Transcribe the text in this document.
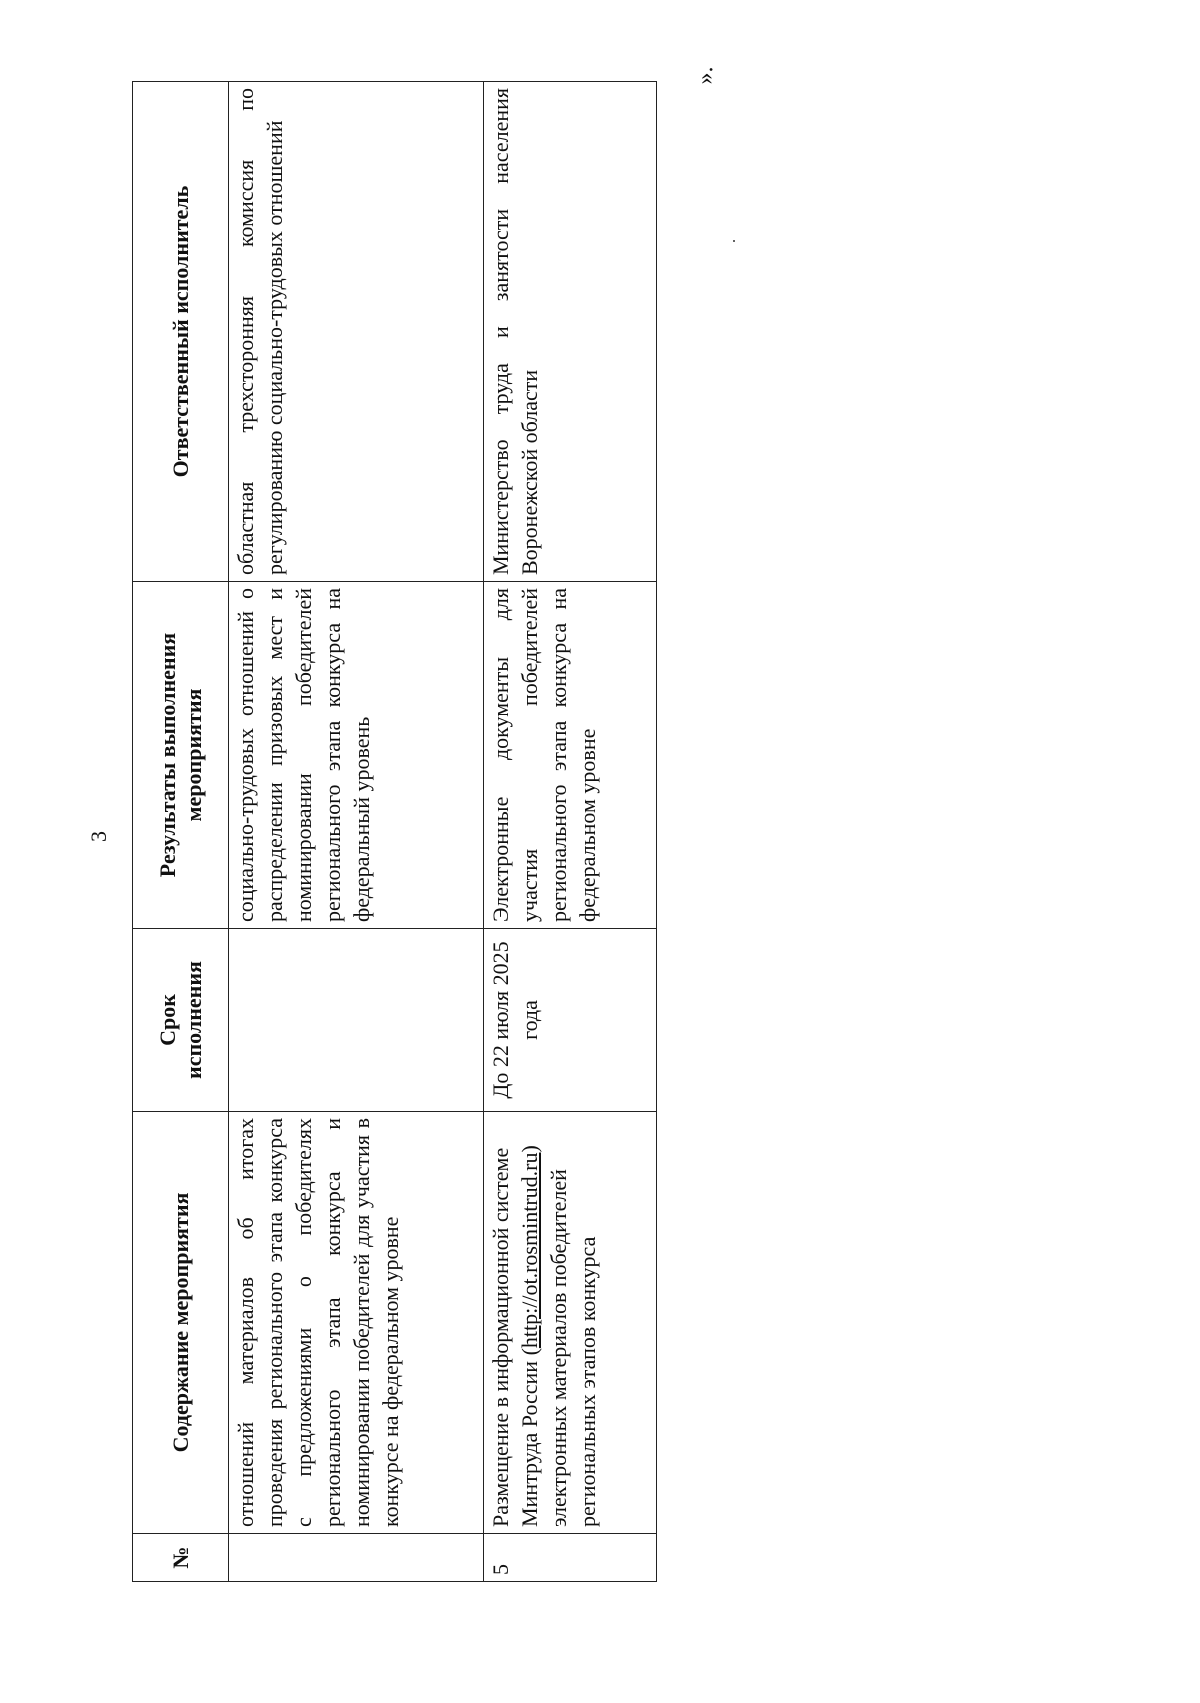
3
».
№	Содержание мероприятия	Срок исполнения	Результаты выполнения мероприятия	Ответственный исполнитель
	отношений материалов об итогах проведения регионального этапа конкурса с предложениями о победителях регионального этапа конкурса и номинировании победителей для участия в конкурсе на федеральном уровне		социально-трудовых отношений о распределении призовых мест и номинировании победителей регионального этапа конкурса на федеральный уровень	областная трехсторонняя комиссия по регулированию социально-трудовых отношений
5	Размещение в информационной системе Минтруда России (http://ot.rosmintrud.ru) электронных материалов победителей региональных этапов конкурса	До 22 июля 2025 года	Электронные документы для участия победителей регионального этапа конкурса на федеральном уровне	Министерство труда и занятости населения Воронежской области
